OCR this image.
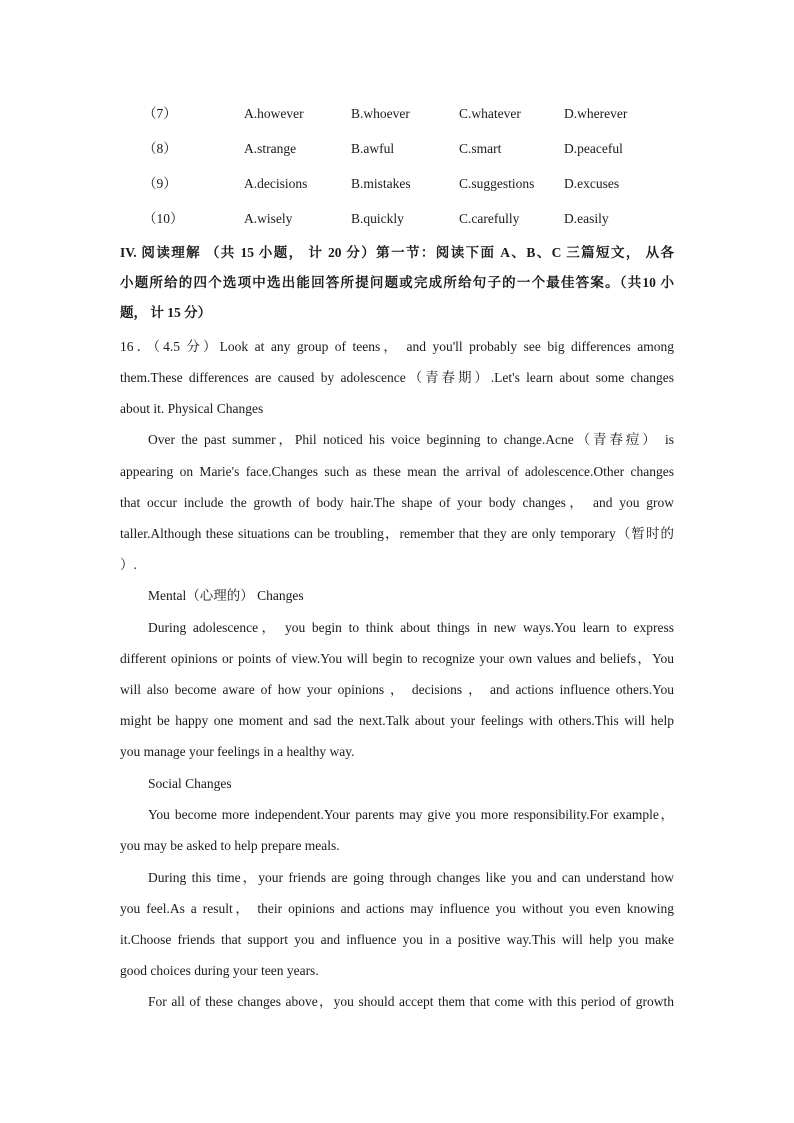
（7）	A.however	B.whoever	C.whatever	D.wherever
（8）	A.strange	B.awful	C.smart	D.peaceful
（9）	A.decisions	B.mistakes	C.suggestions D.excuses
（10）	A.wisely	B.quickly	C.carefully	D.easily
IV. 阅读理解 （共 15 小题， 计 20 分）第一节：阅读下面 A、B、C 三篇短文， 从各
小题所给的四个选项中选出能回答所提问题或完成所给句子的一个最佳答案。（共10 小
题， 计 15 分）
16．（4.5 分）Look at any group of teens， and you'll probably see big differences among
them.These differences are caused by adolescence（青春期）.Let's learn about some changes
about it. Physical Changes
Over the past summer，Phil noticed his voice beginning to change.Acne（青春痘） is
appearing on Marie's face.Changes such as these mean the arrival of adolescence.Other changes
that occur include the growth of body hair.The shape of your body changes， and you grow
taller.Although these situations can be troubling，remember that they are only temporary（暂时的
）.
Mental（心理的） Changes
During adolescence， you begin to think about things in new ways.You learn to express
different opinions or points of view.You will begin to recognize your own values and beliefs，You
will also become aware of how your opinions ， decisions ， and actions influence others.You
might be happy one moment and sad the next.Talk about your feelings with others.This will help
you manage your feelings in a healthy way.
Social Changes
You become more independent.Your parents may give you more responsibility.For example，
you may be asked to help prepare meals.
During this time，your friends are going through changes like you and can understand how
you feel.As a result， their opinions and actions may influence you without you even knowing
it.Choose friends that support you and influence you in a positive way.This will help you make
good choices during your teen years.
For all of these changes above，you should accept them that come with this period of growth
